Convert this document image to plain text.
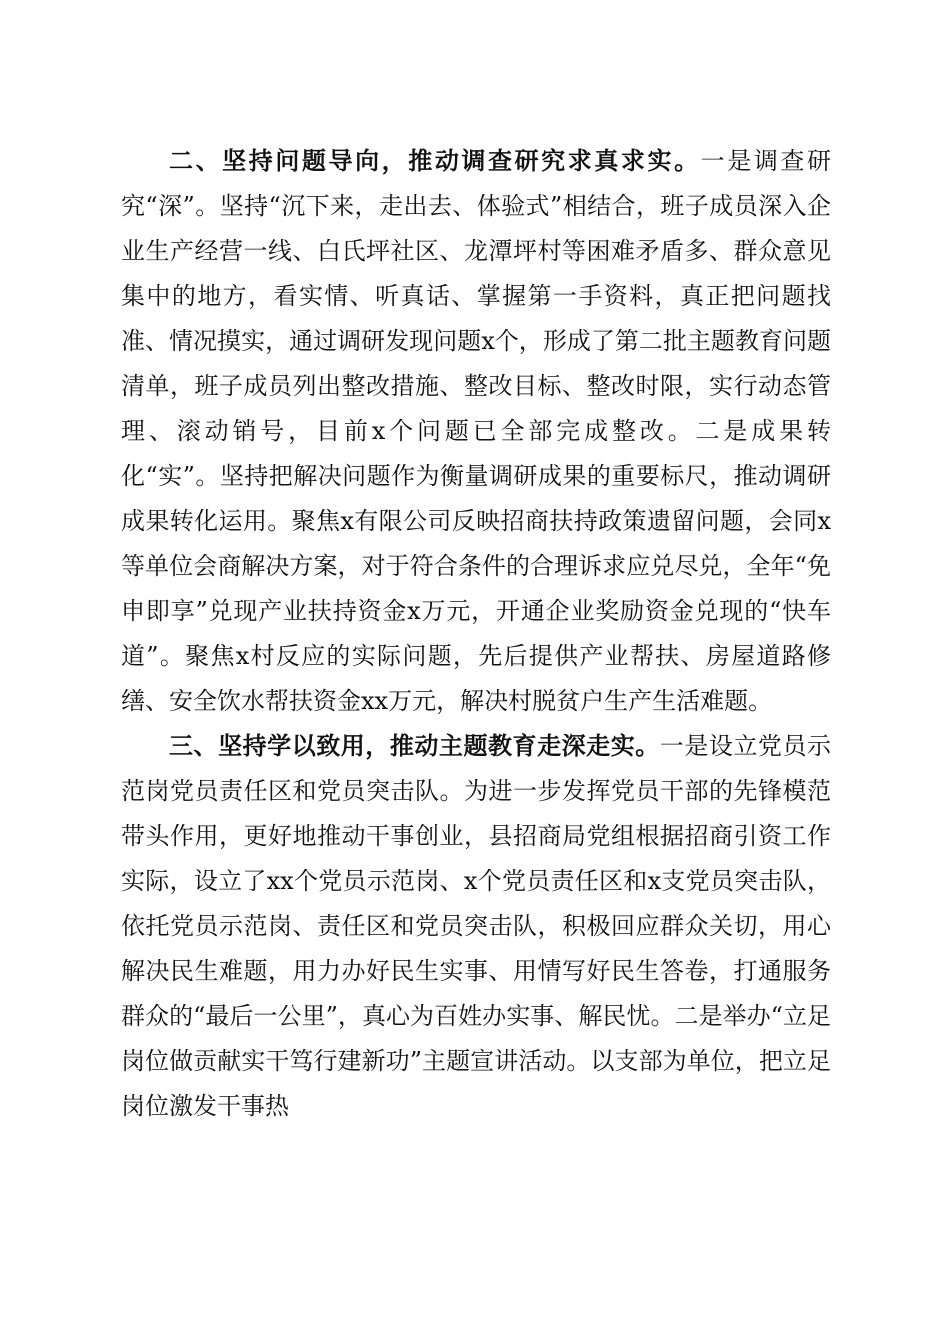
二、坚持问题导向，推动调查研究求真求实。一是调查研究“深”。坚持“沉下来，走出去、体验式”相结合，班子成员深入企业生产经营一线、白氏坪社区、龙潭坪村等困难矛盾多、群众意见集中的地方，看实情、听真话、掌握第一手资料，真正把问题找准、情况摸实，通过调研发现问题x个，形成了第二批主题教育问题清单，班子成员列出整改措施、整改目标、整改时限，实行动态管理、滚动销号，目前x个问题已全部完成整改。二是成果转化“实”。坚持把解决问题作为衡量调研成果的重要标尺，推动调研成果转化运用。聚焦x有限公司反映招商扶持政策遗留问题，会同x等单位会商解决方案，对于符合条件的合理诉求应兑尽兑，全年“免申即享”兑现产业扶持资金x万元，开通企业奖励资金兑现的“快车道”。聚焦x村反应的实际问题，先后提供产业帮扶、房屋道路修缮、安全饮水帮扶资金xx万元，解决村脱贫户生产生活难题。

三、坚持学以致用，推动主题教育走深走实。一是设立党员示范岗党员责任区和党员突击队。为进一步发挥党员干部的先锋模范带头作用，更好地推动干事创业，县招商局党组根据招商引资工作实际，设立了xx个党员示范岗、x个党员责任区和x支党员突击队，依托党员示范岗、责任区和党员突击队，积极回应群众关切，用心解决民生难题，用力办好民生实事、用情写好民生答卷，打通服务群众的“最后一公里”，真心为百姓办实事、解民忧。二是举办“立足岗位做贡献实干笃行建新功”主题宣讲活动。以支部为单位，把立足岗位激发干事热
